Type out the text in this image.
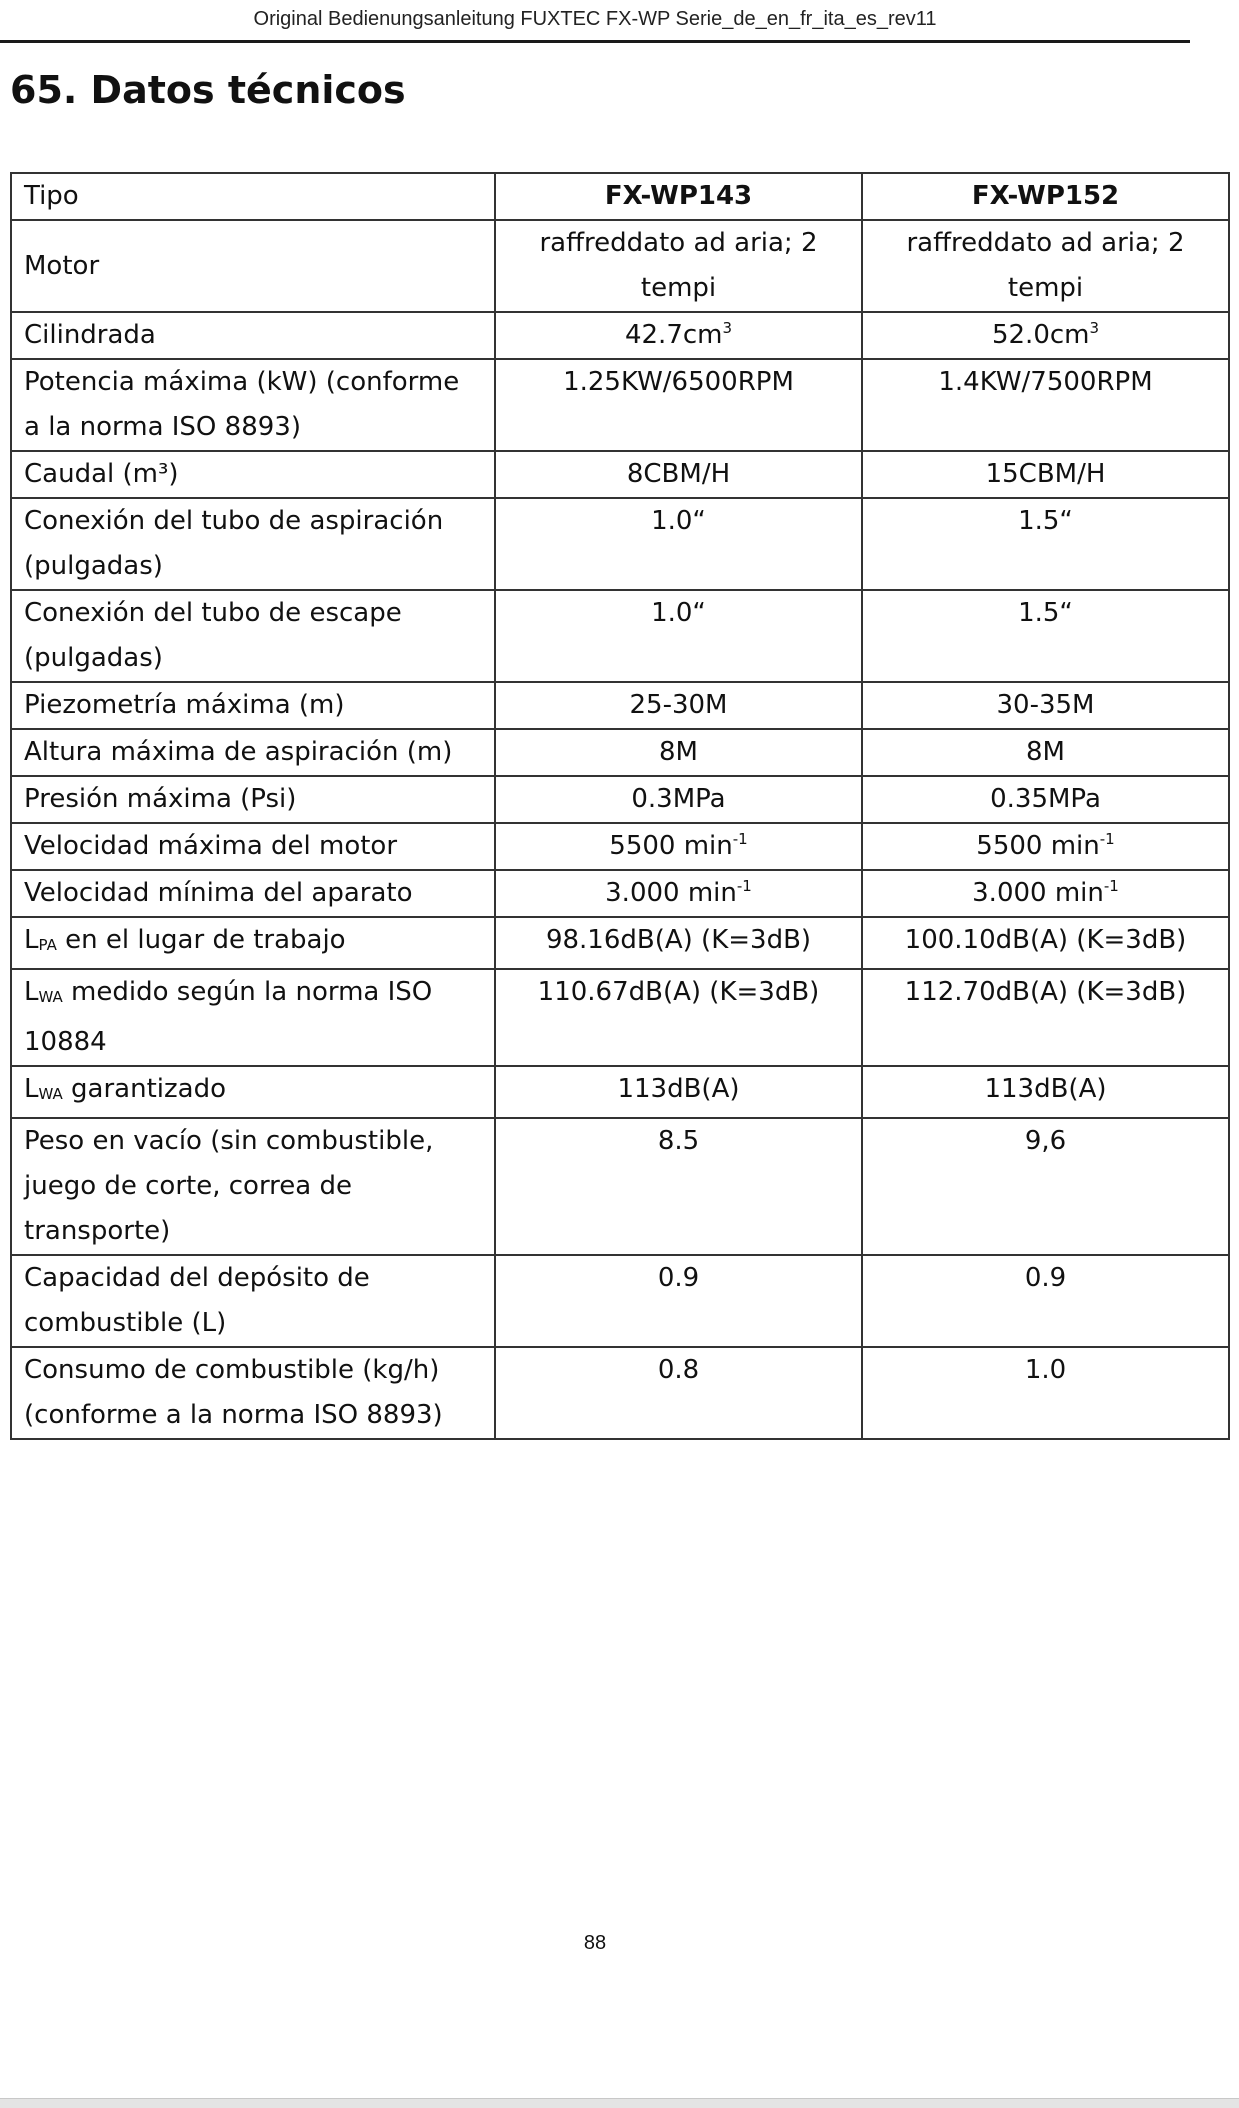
Original Bedienungsanleitung FUXTEC FX-WP Serie_de_en_fr_ita_es_rev11
65. Datos técnicos
Tipo	FX-WP143	FX-WP152
Motor	raffreddato ad aria; 2 tempi	raffreddato ad aria; 2 tempi
Cilindrada	$42.7cm^3$	$52.0cm^3$
Potencia máxima (kW) (conforme a la norma ISO 8893)	1.25KW/6500RPM	1.4KW/7500RPM
Caudal (m³)	8CBM/H	15CBM/H
Conexión del tubo de aspiración (pulgadas)	1.0“	1.5“
Conexión del tubo de escape (pulgadas)	1.0“	1.5“
Piezometría máxima (m)	25-30M	30-35M
Altura máxima de aspiración (m)	8M	8M
Presión máxima (Psi)	0.3MPa	0.35MPa
Velocidad máxima del motor	5500 $\min^{-1}$	5500 $\min^{-1}$
Velocidad mínima del aparato	3.000 $\min^{-1}$	3.000 $\min^{-1}$
$L_{PA}$ en el lugar de trabajo	98.16dB(A) (K=3dB)	100.10dB(A) (K=3dB)
$L_{WA}$ medido según la norma ISO 10884	110.67dB(A) (K=3dB)	112.70dB(A) (K=3dB)
$L_{WA}$ garantizado	113dB(A)	113dB(A)
Peso en vacío (sin combustible, juego de corte, correa de transporte)	8.5	9,6
Capacidad del depósito de combustible (L)	0.9	0.9
Consumo de combustible (kg/h) (conforme a la norma ISO 8893)	0.8	1.0
88
